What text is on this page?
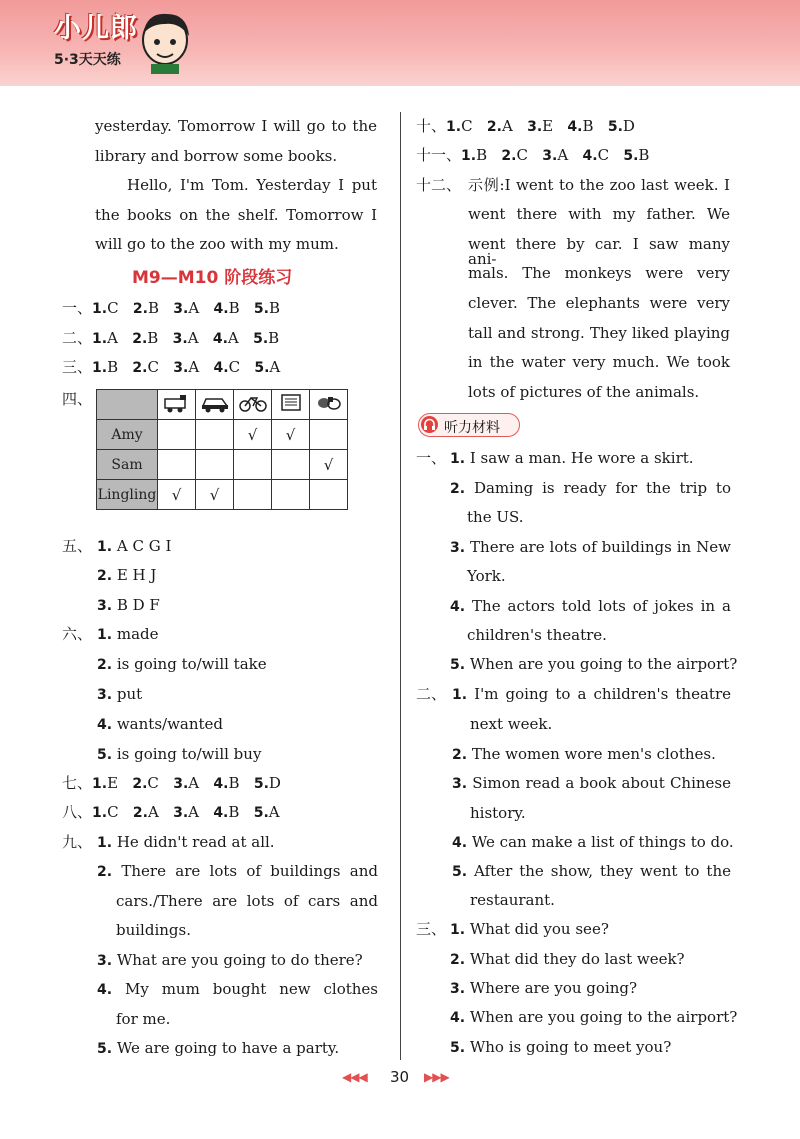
小儿郎
5·3天天练
yesterday. Tomorrow I will go to the
library and borrow some books.
Hello, I'm Tom. Yesterday I put
the books on the shelf. Tomorrow I
will go to the zoo with my mum.
M9—M10 阶段练习
一、1.C 2.B 3.A 4.B 5.B
二、1.A 2.B 3.A 4.A 5.B
三、1.B 2.C 3.A 4.C 5.A
四、

Amy			√	√	
Sam					√
Lingling	√	√			
五、 1. A C G I
2. E H J
3. B D F
六、 1. made
2. is going to/will take
3. put
4. wants/wanted
5. is going to/will buy
七、1.E 2.C 3.A 4.B 5.D
八、1.C 2.A 3.A 4.B 5.A
九、 1. He didn't read at all.
2. There are lots of buildings and
cars./There are lots of cars and
buildings.
3. What are you going to do there?
4. My mum bought new clothes
for me.
5. We are going to have a party.
十、1.C 2.A 3.E 4.B 5.D
十一、1.B 2.C 3.A 4.C 5.B
十二、 示例:I went to the zoo last week. I
went there with my father. We
went there by car. I saw many ani-
mals. The monkeys were very
clever. The elephants were very
tall and strong. They liked playing
in the water very much. We took
lots of pictures of the animals.
听力材料
一、 1. I saw a man. He wore a skirt.
2. Daming is ready for the trip to
the US.
3. There are lots of buildings in New
York.
4. The actors told lots of jokes in a
children's theatre.
5. When are you going to the airport?
二、 1. I'm going to a children's theatre
next week.
2. The women wore men's clothes.
3. Simon read a book about Chinese
history.
4. We can make a list of things to do.
5. After the show, they went to the
restaurant.
三、 1. What did you see?
2. What did they do last week?
3. Where are you going?
4. When are you going to the airport?
5. Who is going to meet you?
◀◀◀ 30 ▶▶▶
